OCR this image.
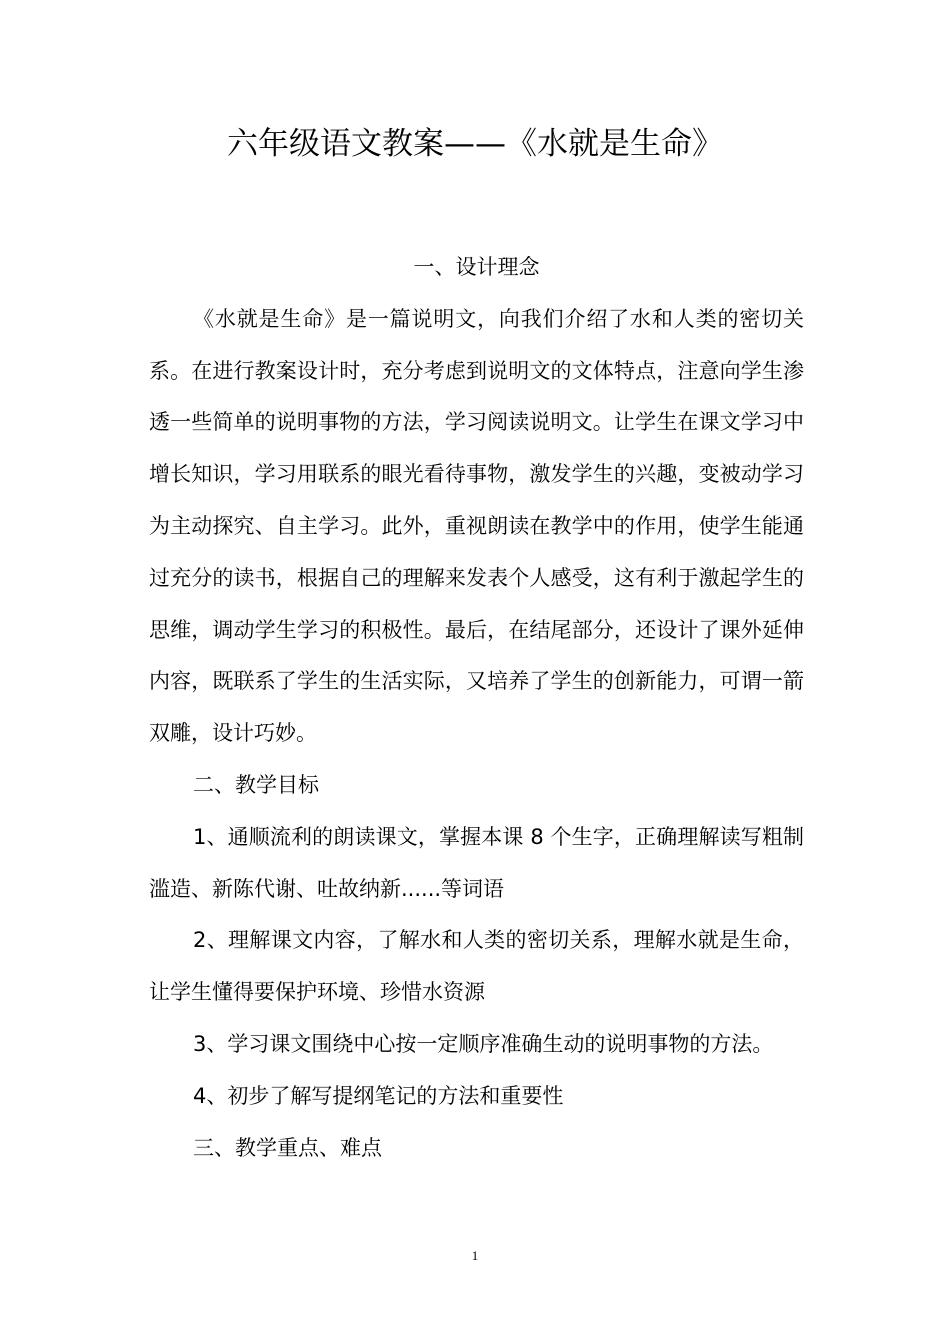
六年级语文教案——《水就是生命》

一、设计理念

《水就是生命》是一篇说明文，向我们介绍了水和人类的密切关系。在进行教案设计时，充分考虑到说明文的文体特点，注意向学生渗透一些简单的说明事物的方法，学习阅读说明文。让学生在课文学习中增长知识，学习用联系的眼光看待事物，激发学生的兴趣，变被动学习为主动探究、自主学习。此外，重视朗读在教学中的作用，使学生能通过充分的读书，根据自己的理解来发表个人感受，这有利于激起学生的思维，调动学生学习的积极性。最后，在结尾部分，还设计了课外延伸内容，既联系了学生的生活实际，又培养了学生的创新能力，可谓一箭双雕，设计巧妙。

二、教学目标

1、通顺流利的朗读课文，掌握本课 8 个生字，正确理解读写粗制滥造、新陈代谢、吐故纳新......等词语

2、理解课文内容，了解水和人类的密切关系，理解水就是生命，让学生懂得要保护环境、珍惜水资源

3、学习课文围绕中心按一定顺序准确生动的说明事物的方法。

4、初步了解写提纲笔记的方法和重要性

三、教学重点、难点

1
